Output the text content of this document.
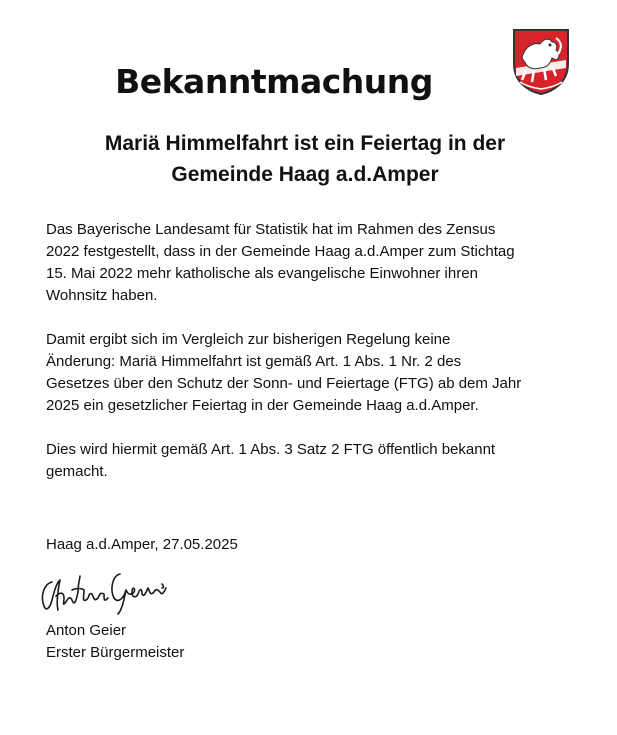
Bekanntmachung
Mariä Himmelfahrt ist ein Feiertag in der
Gemeinde Haag a.d.Amper

Das Bayerische Landesamt für Statistik hat im Rahmen des Zensus
2022 festgestellt, dass in der Gemeinde Haag a.d.Amper zum Stichtag
15. Mai 2022 mehr katholische als evangelische Einwohner ihren
Wohnsitz haben.

Damit ergibt sich im Vergleich zur bisherigen Regelung keine
Änderung: Mariä Himmelfahrt ist gemäß Art. 1 Abs. 1 Nr. 2 des
Gesetzes über den Schutz der Sonn- und Feiertage (FTG) ab dem Jahr
2025 ein gesetzlicher Feiertag in der Gemeinde Haag a.d.Amper.

Dies wird hiermit gemäß Art. 1 Abs. 3 Satz 2 FTG öffentlich bekannt
gemacht.

Haag a.d.Amper, 27.05.2025
Anton Geier
Erster Bürgermeister
